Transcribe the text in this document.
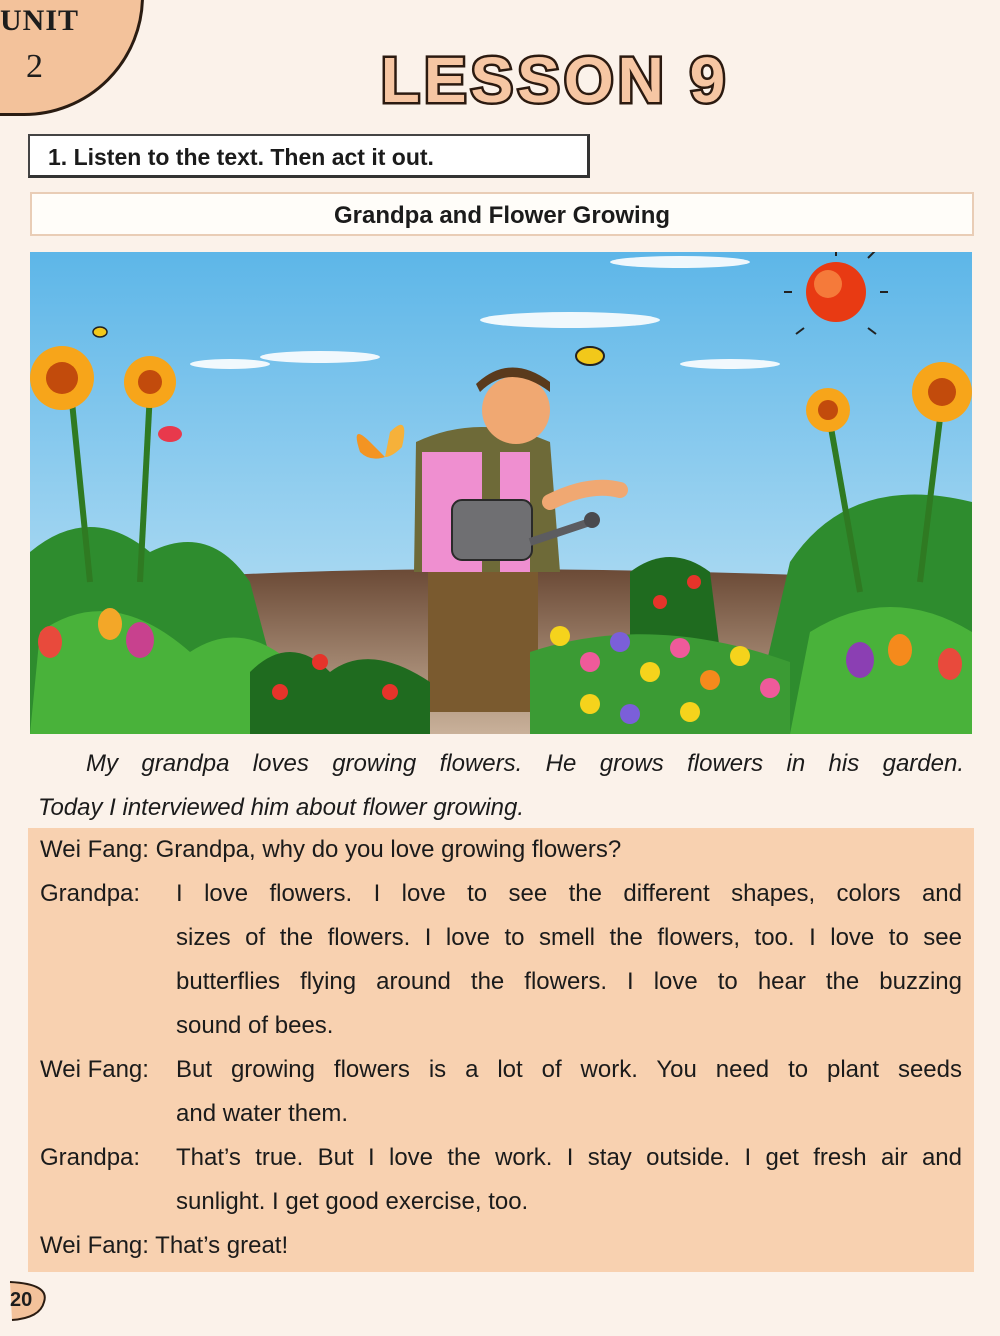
UNIT
2	LESSON 9
1. Listen to the text. Then act it out.
Grandpa and Flower Growing
My grandpa loves growing flowers. He grows flowers in his garden.
Today I interviewed him about flower growing.
Wei Fang: Grandpa, why do you love growing flowers?
Grandpa: I love flowers. I love to see the different shapes, colors and
sizes of the flowers. I love to smell the flowers, too. I love to see
butterflies flying around the flowers. I love to hear the buzzing
sound of bees.
Wei Fang: But growing flowers is a lot of work. You need to plant seeds
and water them.
Grandpa: That’s true. But I love the work. I stay outside. I get fresh air and
sunlight. I get good exercise, too.
Wei Fang: That’s great!
20
